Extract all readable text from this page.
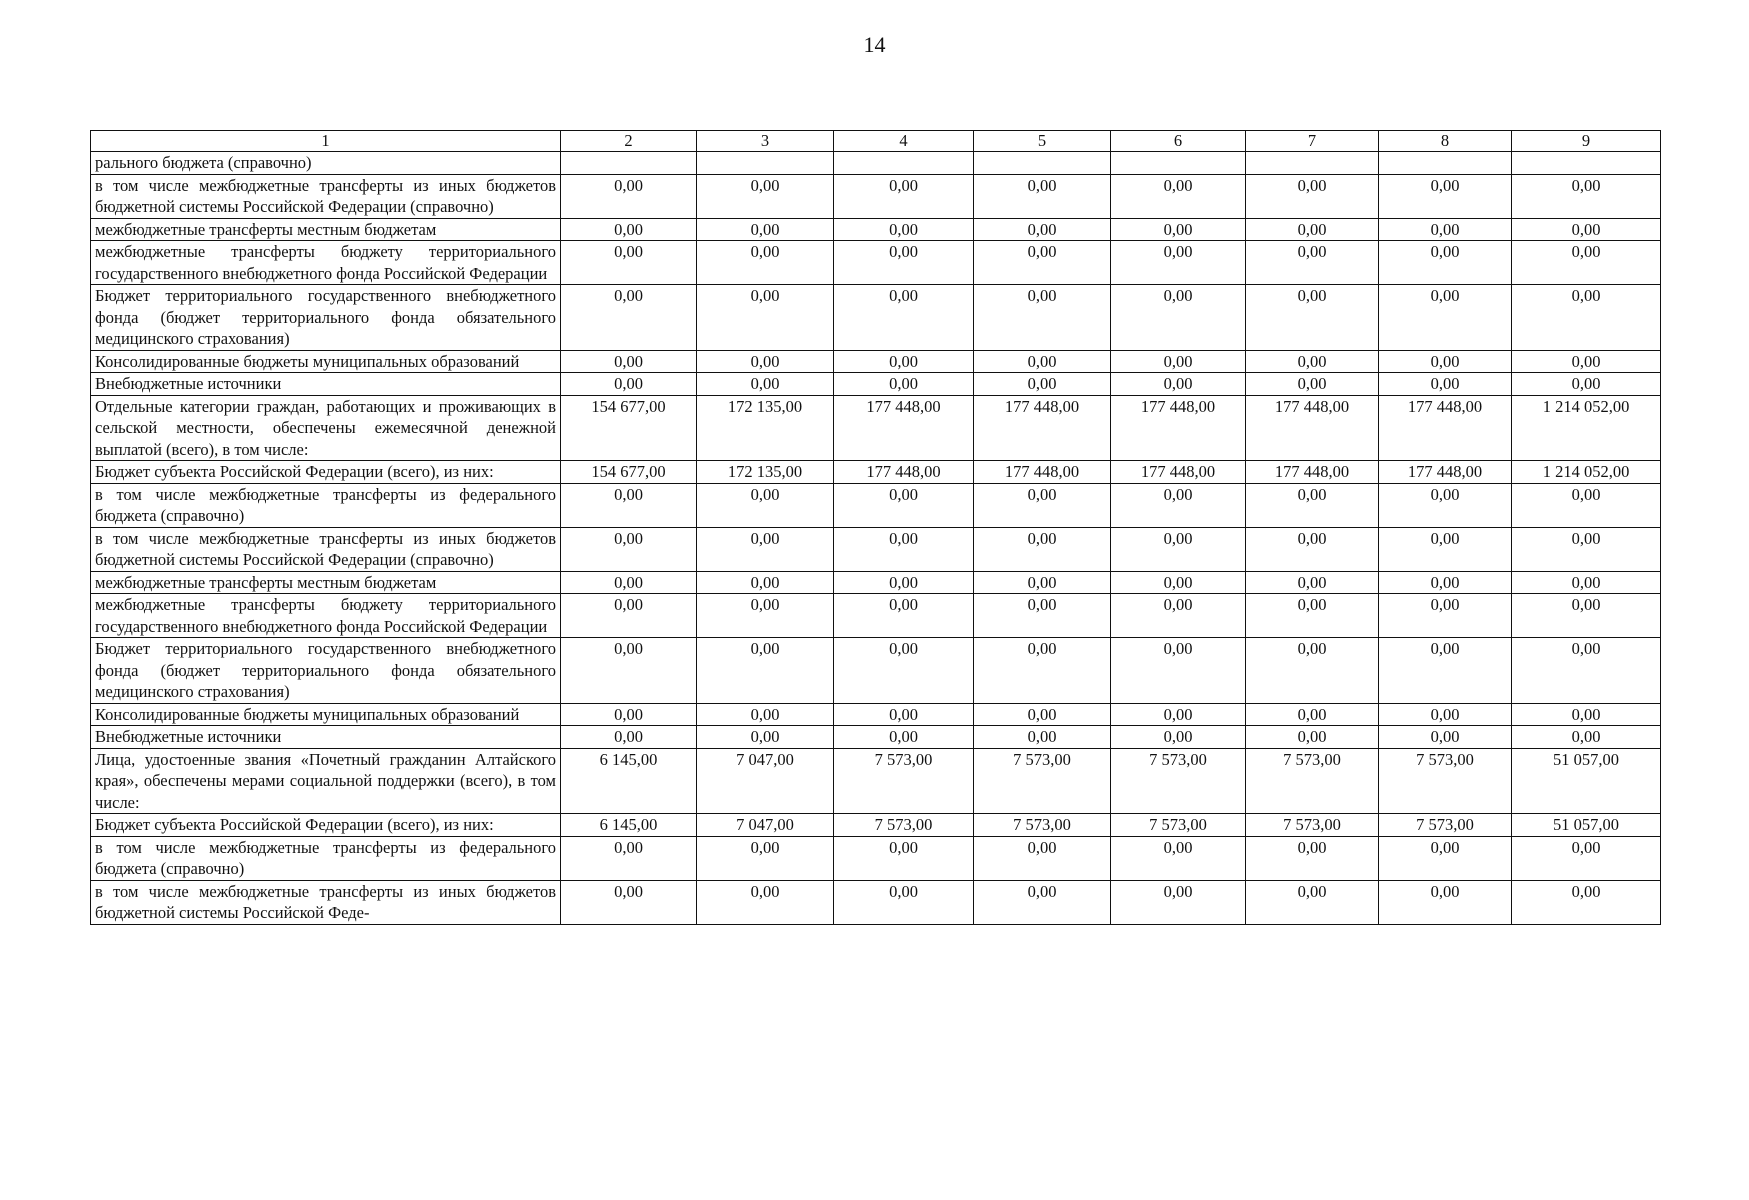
14
1	2	3	4	5	6	7	8	9
рального бюджета (справочно)								
в том числе межбюджетные трансферты из иных бюджетов бюджетной системы Российской Федерации (справочно)	0,00	0,00	0,00	0,00	0,00	0,00	0,00	0,00
межбюджетные трансферты местным бюджетам	0,00	0,00	0,00	0,00	0,00	0,00	0,00	0,00
межбюджетные трансферты бюджету территориального государственного внебюджетного фонда Российской Федерации	0,00	0,00	0,00	0,00	0,00	0,00	0,00	0,00
Бюджет территориального государственного внебюджетного фонда (бюджет территориального фонда обязательного медицинского страхования)	0,00	0,00	0,00	0,00	0,00	0,00	0,00	0,00
Консолидированные бюджеты муниципальных образований	0,00	0,00	0,00	0,00	0,00	0,00	0,00	0,00
Внебюджетные источники	0,00	0,00	0,00	0,00	0,00	0,00	0,00	0,00
Отдельные категории граждан, работающих и проживающих в сельской местности, обеспечены ежемесячной денежной выплатой (всего), в том числе:	154 677,00	172 135,00	177 448,00	177 448,00	177 448,00	177 448,00	177 448,00	1 214 052,00
Бюджет субъекта Российской Федерации (всего), из них:	154 677,00	172 135,00	177 448,00	177 448,00	177 448,00	177 448,00	177 448,00	1 214 052,00
в том числе межбюджетные трансферты из федерального бюджета (справочно)	0,00	0,00	0,00	0,00	0,00	0,00	0,00	0,00
в том числе межбюджетные трансферты из иных бюджетов бюджетной системы Российской Федерации (справочно)	0,00	0,00	0,00	0,00	0,00	0,00	0,00	0,00
межбюджетные трансферты местным бюджетам	0,00	0,00	0,00	0,00	0,00	0,00	0,00	0,00
межбюджетные трансферты бюджету территориального государственного внебюджетного фонда Российской Федерации	0,00	0,00	0,00	0,00	0,00	0,00	0,00	0,00
Бюджет территориального государственного внебюджетного фонда (бюджет территориального фонда обязательного медицинского страхования)	0,00	0,00	0,00	0,00	0,00	0,00	0,00	0,00
Консолидированные бюджеты муниципальных образований	0,00	0,00	0,00	0,00	0,00	0,00	0,00	0,00
Внебюджетные источники	0,00	0,00	0,00	0,00	0,00	0,00	0,00	0,00
Лица, удостоенные звания «Почетный гражданин Алтайского края», обеспечены мерами социальной поддержки (всего), в том числе:	6 145,00	7 047,00	7 573,00	7 573,00	7 573,00	7 573,00	7 573,00	51 057,00
Бюджет субъекта Российской Федерации (всего), из них:	6 145,00	7 047,00	7 573,00	7 573,00	7 573,00	7 573,00	7 573,00	51 057,00
в том числе межбюджетные трансферты из федерального бюджета (справочно)	0,00	0,00	0,00	0,00	0,00	0,00	0,00	0,00
в том числе межбюджетные трансферты из иных бюджетов бюджетной системы Российской Феде-	0,00	0,00	0,00	0,00	0,00	0,00	0,00	0,00
